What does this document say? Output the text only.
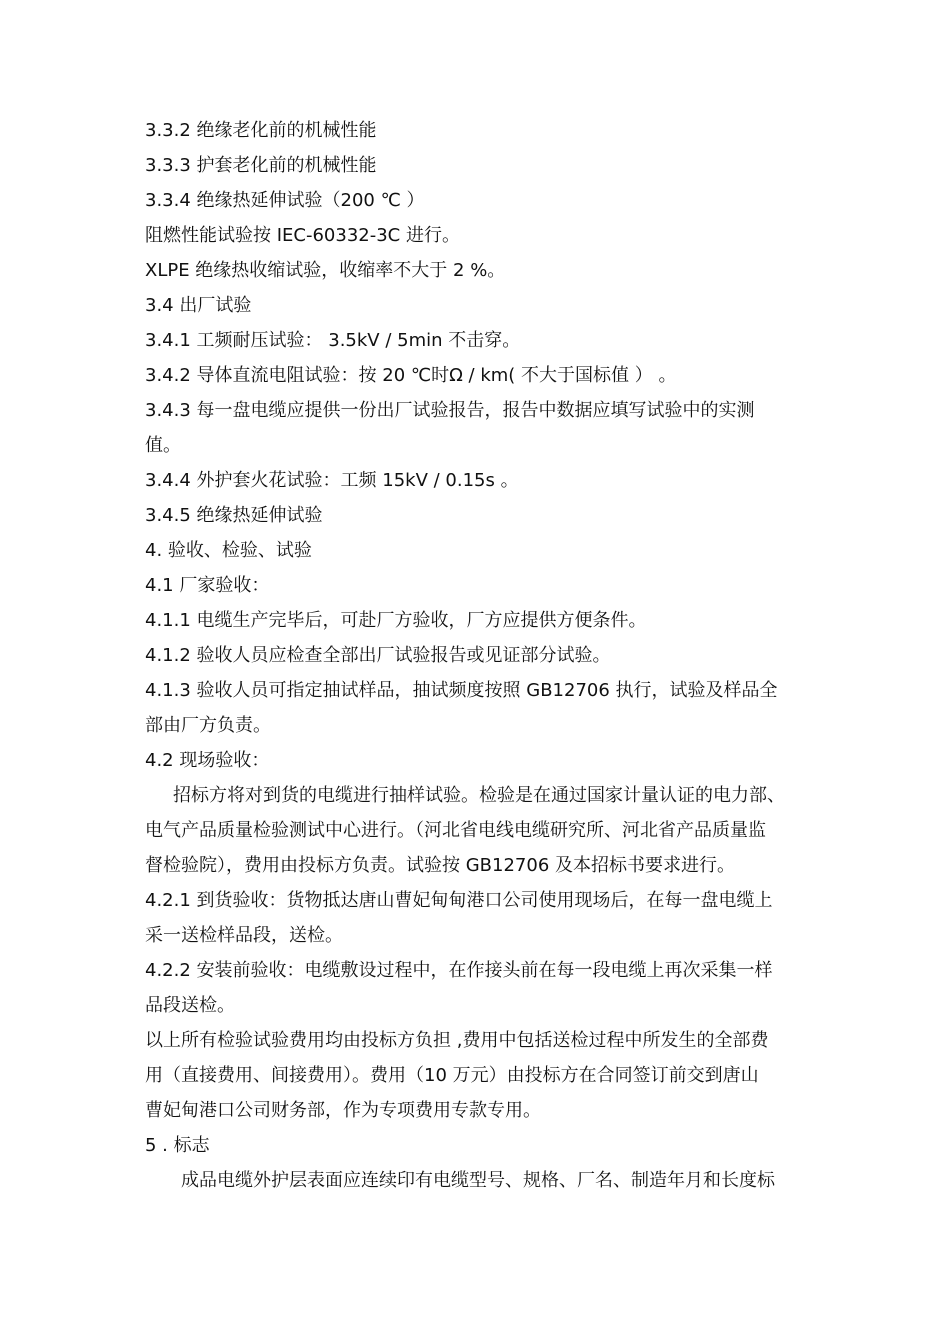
3.3.2 绝缘老化前的机械性能

3.3.3 护套老化前的机械性能

3.3.4 绝缘热延伸试验（200 ℃ ）

阻燃性能试验按 IEC-60332-3C 进行。

XLPE 绝缘热收缩试验，收缩率不大于 2 %。

3.4 出厂试验

3.4.1 工频耐压试验： 3.5kV / 5min 不击穿。

3.4.2 导体直流电阻试验：按 20 ℃时Ω / km( 不大于国标值 ） 。

3.4.3 每一盘电缆应提供一份出厂试验报告，报告中数据应填写试验中的实测

值。

3.4.4 外护套火花试验：工频 15kV / 0.15s 。

3.4.5 绝缘热延伸试验

4. 验收、检验、试验

4.1 厂家验收：

4.1.1 电缆生产完毕后，可赴厂方验收，厂方应提供方便条件。

4.1.2 验收人员应检查全部出厂试验报告或见证部分试验。

4.1.3 验收人员可指定抽试样品，抽试频度按照 GB12706 执行，试验及样品全

部由厂方负责。

4.2 现场验收：

招标方将对到货的电缆进行抽样试验。检验是在通过国家计量认证的电力部、

电气产品质量检验测试中心进行。（河北省电线电缆研究所、河北省产品质量监

督检验院），费用由投标方负责。试验按 GB12706 及本招标书要求进行。

4.2.1 到货验收：货物抵达唐山曹妃甸甸港口公司使用现场后，在每一盘电缆上

采一送检样品段，送检。

4.2.2 安装前验收：电缆敷设过程中，在作接头前在每一段电缆上再次采集一样

品段送检。

以上所有检验试验费用均由投标方负担 ,费用中包括送检过程中所发生的全部费

用（直接费用、间接费用）。费用（10 万元）由投标方在合同签订前交到唐山

曹妃甸港口公司财务部，作为专项费用专款专用。

5 . 标志

成品电缆外护层表面应连续印有电缆型号、规格、厂名、制造年月和长度标
